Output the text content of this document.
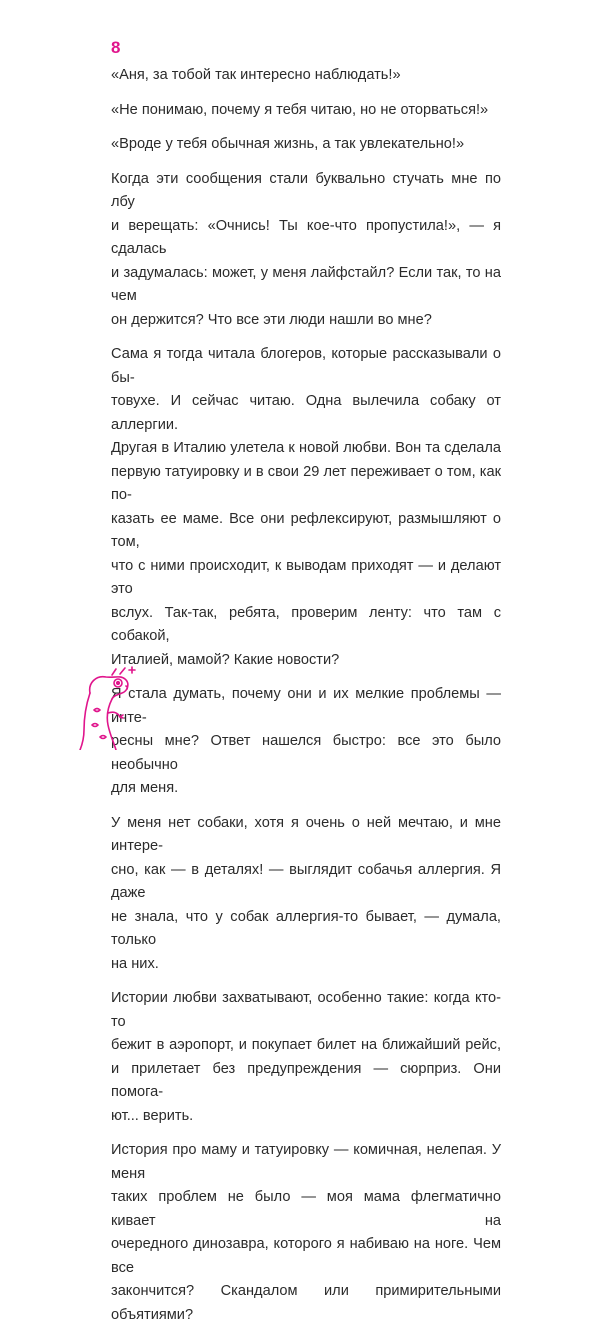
8

«Аня, за тобой так интересно наблюдать!»

«Не понимаю, почему я тебя читаю, но не оторваться!»

«Вроде у тебя обычная жизнь, а так увлекательно!»

Когда эти сообщения стали буквально стучать мне по лбу
и верещать: «Очнись! Ты кое-что пропустила!», — я сдалась
и задумалась: может, у меня лайфстайл? Если так, то на чем
он держится? Что все эти люди нашли во мне?

Сама я тогда читала блогеров, которые рассказывали о бы-
товухе. И сейчас читаю. Одна вылечила собаку от аллергии.
Другая в Италию улетела к новой любви. Вон та сделала
первую татуировку и в свои 29 лет переживает о том, как по-
казать ее маме. Все они рефлексируют, размышляют о том,
что с ними происходит, к выводам приходят — и делают это
вслух. Так-так, ребята, проверим ленту: что там с собакой,
Италией, мамой? Какие новости?

Я стала думать, почему они и их мелкие проблемы — инте-
ресны мне? Ответ нашелся быстро: все это было необычно
для меня.

У меня нет собаки, хотя я очень о ней мечтаю, и мне интере-
сно, как — в деталях! — выглядит собачья аллергия. Я даже
не знала, что у собак аллергия-то бывает, — думала, только
на них.

Истории любви захватывают, особенно такие: когда кто-то
бежит в аэропорт, и покупает билет на ближайший рейс,
и прилетает без предупреждения — сюрприз. Они помога-
ют... верить.

История про маму и татуировку — комичная, нелепая. У меня
таких проблем не было — моя мама флегматично кивает на
очередного динозавра, которого я набиваю на ноге. Чем все
закончится? Скандалом или примирительными объятиями?
